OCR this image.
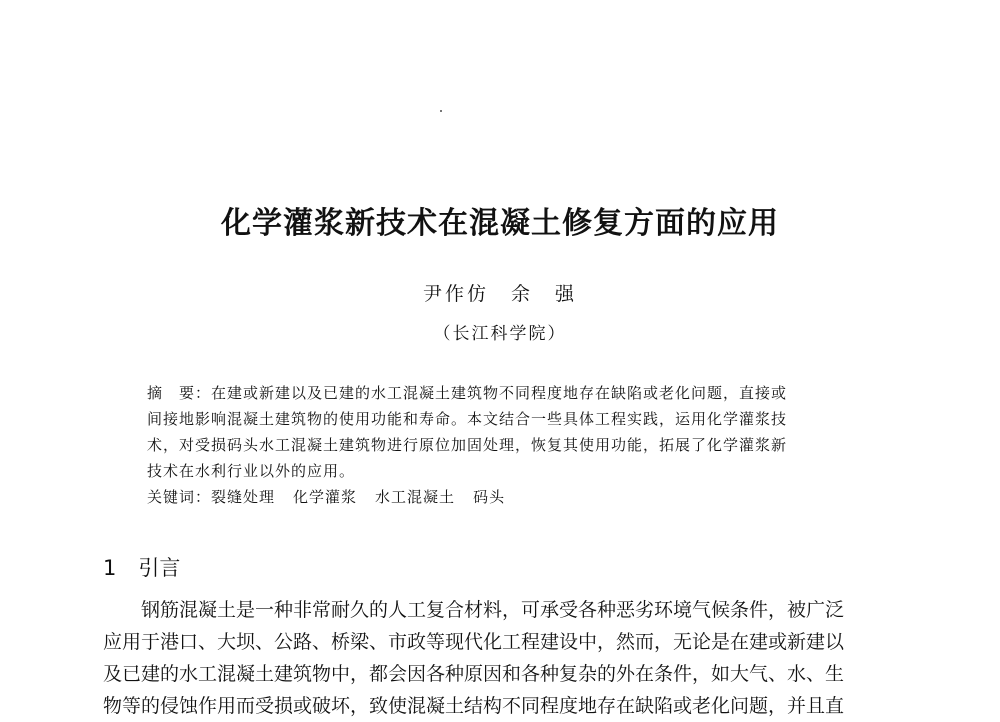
化学灌浆新技术在混凝土修复方面的应用
尹作仿　余　强
（长江科学院）
摘　要：在建或新建以及已建的水工混凝土建筑物不同程度地存在缺陷或老化问题，直接或
间接地影响混凝土建筑物的使用功能和寿命。本文结合一些具体工程实践，运用化学灌浆技
术，对受损码头水工混凝土建筑物进行原位加固处理，恢复其使用功能，拓展了化学灌浆新
技术在水利行业以外的应用。
关键词：裂缝处理 化学灌浆 水工混凝土 码头
1 引言
钢筋混凝土是一种非常耐久的人工复合材料，可承受各种恶劣环境气候条件，被广泛
应用于港口、大坝、公路、桥梁、市政等现代化工程建设中，然而，无论是在建或新建以
及已建的水工混凝土建筑物中，都会因各种原因和各种复杂的外在条件，如大气、水、生
物等的侵蚀作用而受损或破坏，致使混凝土结构不同程度地存在缺陷或老化问题，并且直
